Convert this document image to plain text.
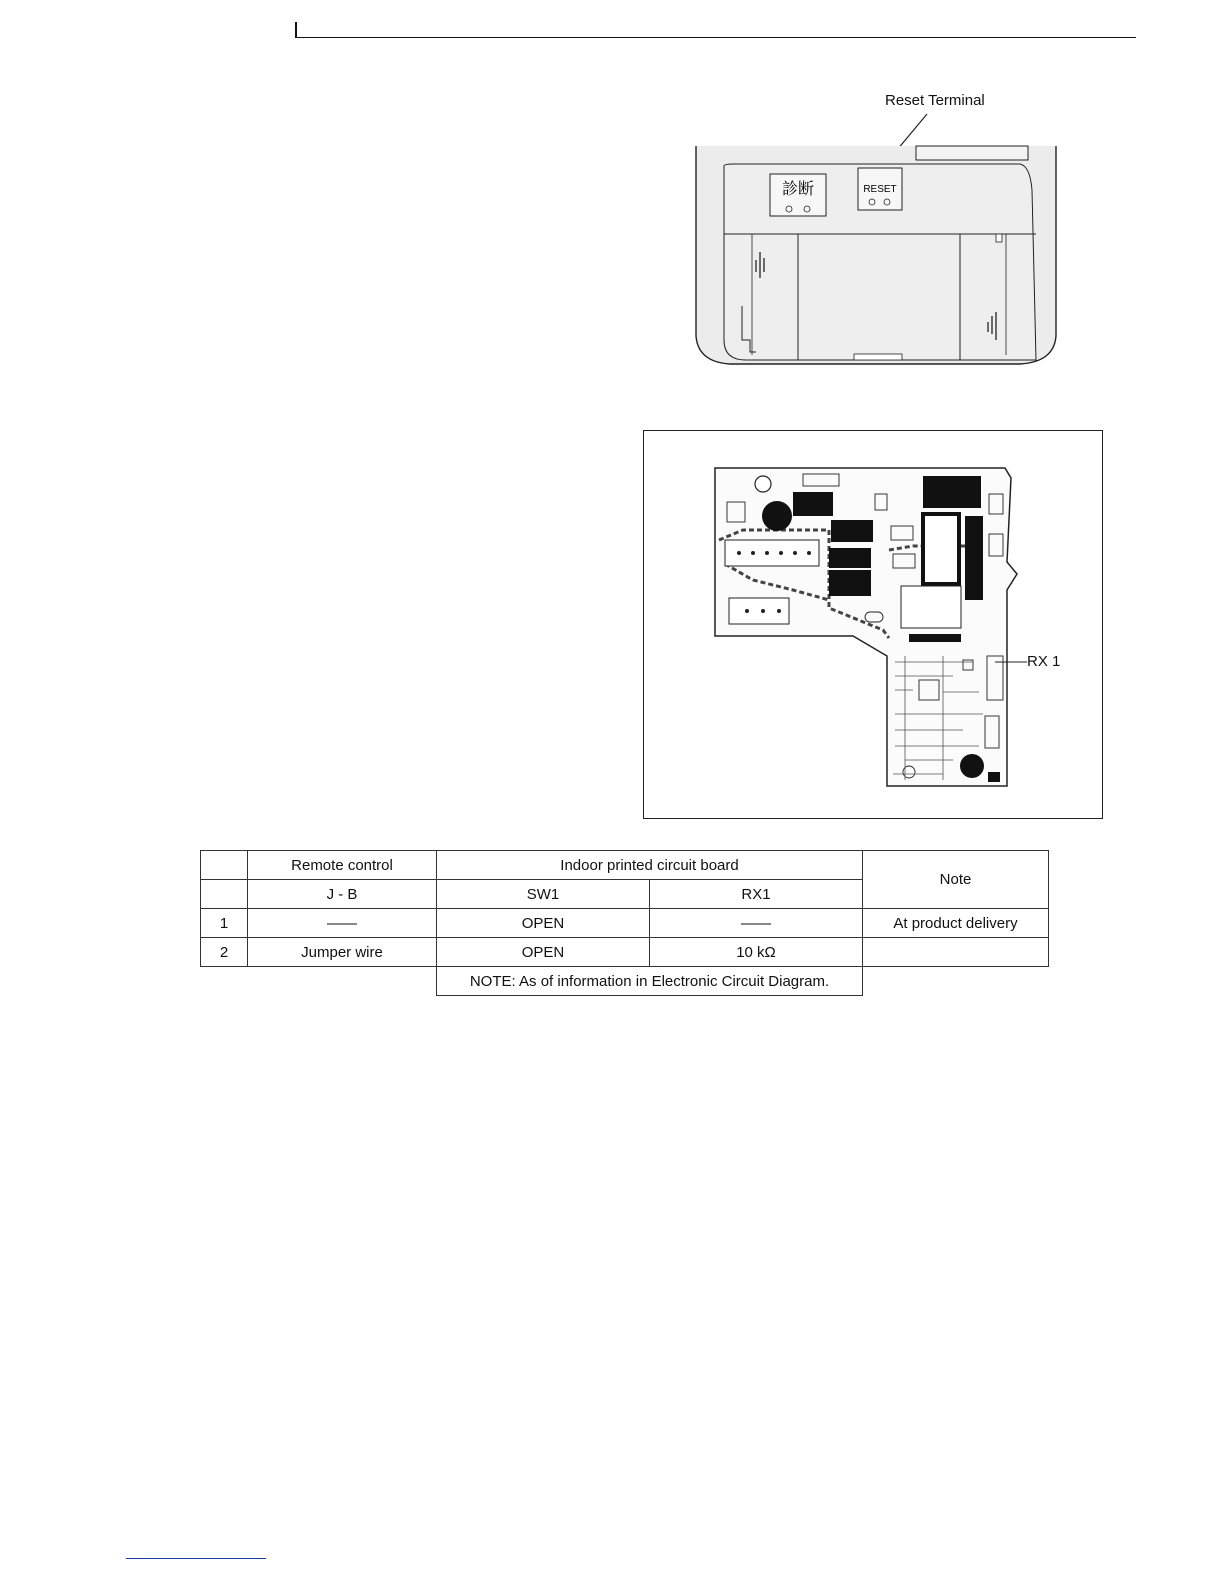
Reset Terminal
診断	RESET
RX 1
	Remote control	Indoor printed circuit board		Note
	J - B	SW1	RX1	
1	——	OPEN	——	At product delivery
2	Jumper wire	OPEN	10 kΩ	
		NOTE: As of information in Electronic Circuit Diagram.		
